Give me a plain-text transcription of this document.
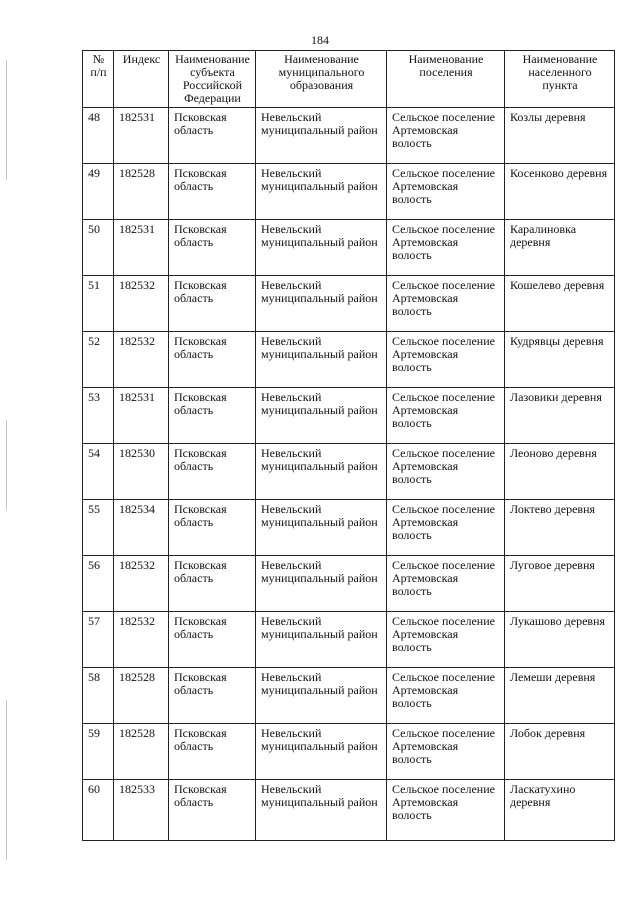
184
№ п/п	Индекс	Наименование субъекта Российской Федерации	Наименование муниципального образования	Наименование поселения	Наименование населенного пункта
48	182531	Псковская область	Невельский муниципальный район	Сельское поселение Артемовская волость	Козлы деревня
49	182528	Псковская область	Невельский муниципальный район	Сельское поселение Артемовская волость	Косенково деревня
50	182531	Псковская область	Невельский муниципальный район	Сельское поселение Артемовская волость	Каралиновка деревня
51	182532	Псковская область	Невельский муниципальный район	Сельское поселение Артемовская волость	Кошелево деревня
52	182532	Псковская область	Невельский муниципальный район	Сельское поселение Артемовская волость	Кудрявцы деревня
53	182531	Псковская область	Невельский муниципальный район	Сельское поселение Артемовская волость	Лазовики деревня
54	182530	Псковская область	Невельский муниципальный район	Сельское поселение Артемовская волость	Леоново деревня
55	182534	Псковская область	Невельский муниципальный район	Сельское поселение Артемовская волость	Локтево деревня
56	182532	Псковская область	Невельский муниципальный район	Сельское поселение Артемовская волость	Луговое деревня
57	182532	Псковская область	Невельский муниципальный район	Сельское поселение Артемовская волость	Лукашово деревня
58	182528	Псковская область	Невельский муниципальный район	Сельское поселение Артемовская волость	Лемеши деревня
59	182528	Псковская область	Невельский муниципальный район	Сельское поселение Артемовская волость	Лобок деревня
60	182533	Псковская область	Невельский муниципальный район	Сельское поселение Артемовская волость	Ласкатухино деревня
